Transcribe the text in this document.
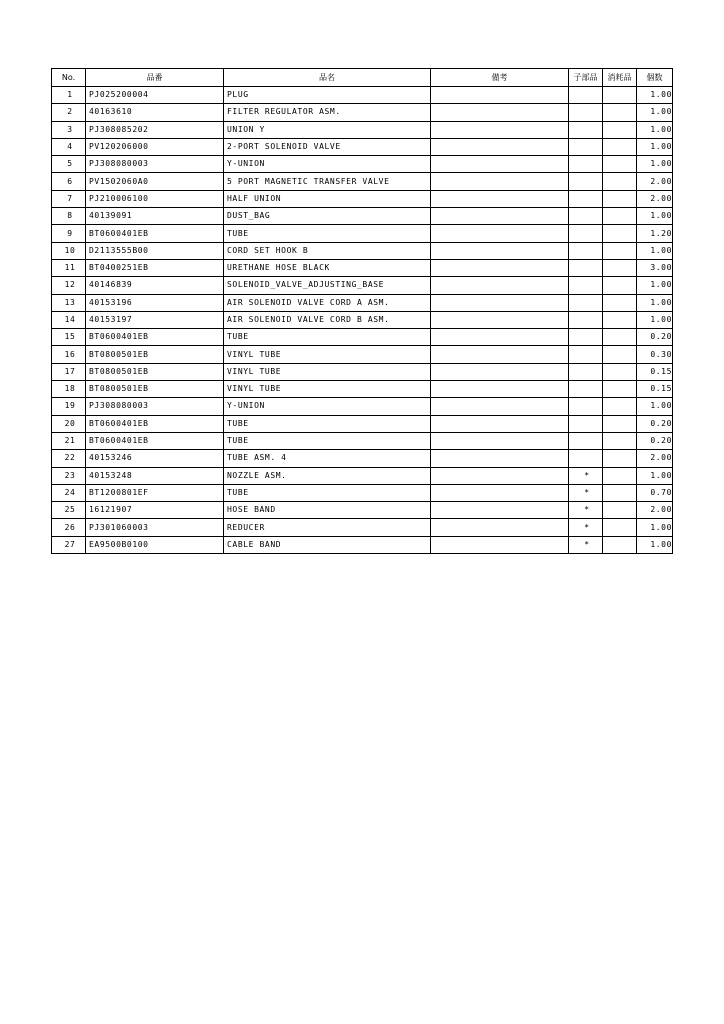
No.	品番	品名	備考	子部品	消耗品	個数
1	PJ025200004	PLUG				1.00
2	40163610	FILTER REGULATOR ASM.				1.00
3	PJ308085202	UNION Y				1.00
4	PV120206000	2-PORT SOLENOID VALVE				1.00
5	PJ308080003	Y-UNION				1.00
6	PV1502060A0	5 PORT MAGNETIC TRANSFER VALVE				2.00
7	PJ210006100	HALF UNION				2.00
8	40139091	DUST_BAG				1.00
9	BT0600401EB	TUBE				1.20
10	D2113555B00	CORD SET HOOK B				1.00
11	BT0400251EB	URETHANE HOSE BLACK				3.00
12	40146839	SOLENOID_VALVE_ADJUSTING_BASE				1.00
13	40153196	AIR SOLENOID VALVE CORD A ASM.				1.00
14	40153197	AIR SOLENOID VALVE CORD B ASM.				1.00
15	BT0600401EB	TUBE				0.20
16	BT0800501EB	VINYL TUBE				0.30
17	BT0800501EB	VINYL TUBE				0.15
18	BT0800501EB	VINYL TUBE				0.15
19	PJ308080003	Y-UNION				1.00
20	BT0600401EB	TUBE				0.20
21	BT0600401EB	TUBE				0.20
22	40153246	TUBE ASM. 4				2.00
23	40153248	NOZZLE ASM.		*		1.00
24	BT1200801EF	TUBE		*		0.70
25	16121907	HOSE BAND		*		2.00
26	PJ301060003	REDUCER		*		1.00
27	EA9500B0100	CABLE BAND		*		1.00
